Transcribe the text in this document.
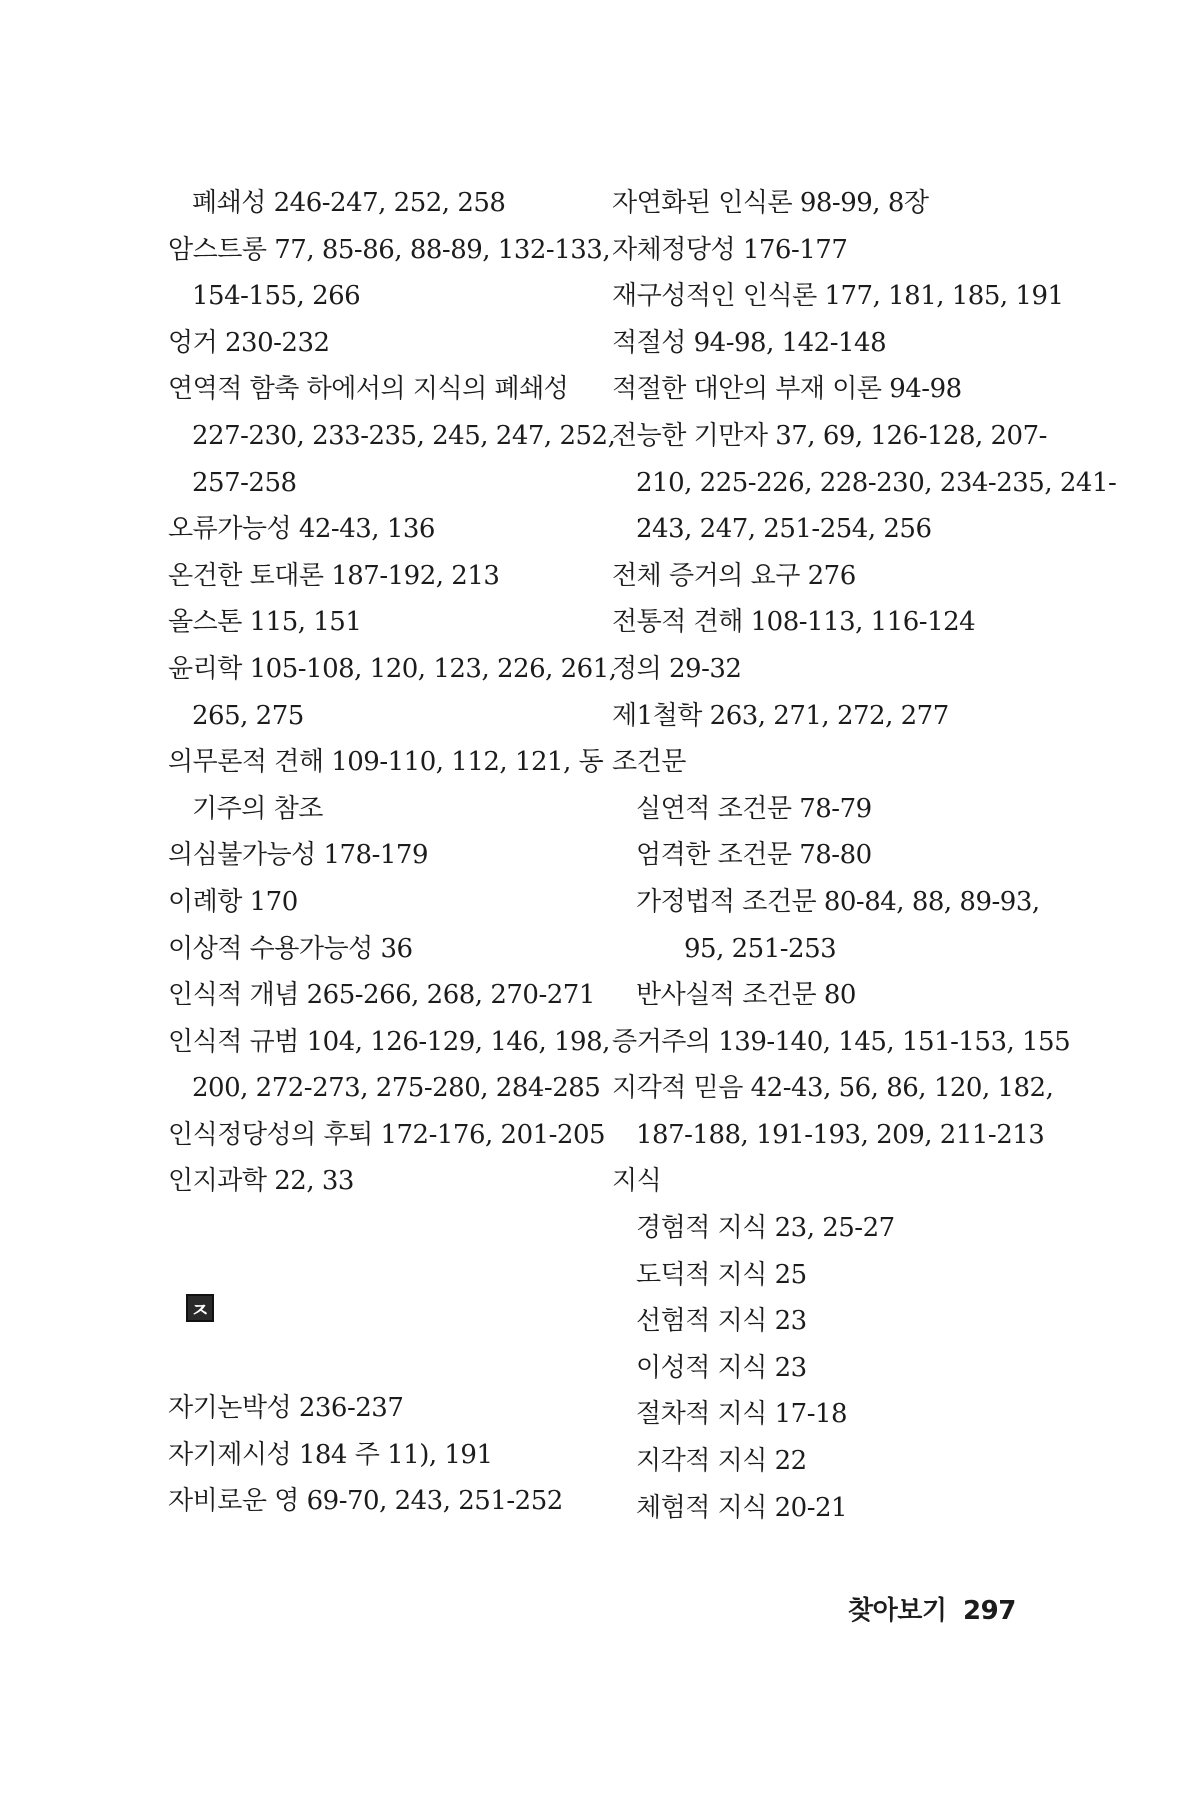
폐쇄성 246-247, 252, 258
암스트롱 77, 85-86, 88-89, 132-133,
154-155, 266
엉거 230-232
연역적 함축 하에서의 지식의 폐쇄성
227-230, 233-235, 245, 247, 252,
257-258
오류가능성 42-43, 136
온건한 토대론 187-192, 213
올스톤 115, 151
윤리학 105-108, 120, 123, 226, 261,
265, 275
의무론적 견해 109-110, 112, 121, 동
기주의 참조
의심불가능성 178-179
이례항 170
이상적 수용가능성 36
인식적 개념 265-266, 268, 270-271
인식적 규범 104, 126-129, 146, 198,
200, 272-273, 275-280, 284-285
인식정당성의 후퇴 172-176, 201-205
인지과학 22, 33
자기논박성 236-237
자기제시성 184 주 11), 191
자비로운 영 69-70, 243, 251-252
ㅈ
자연화된 인식론 98-99, 8장
자체정당성 176-177
재구성적인 인식론 177, 181, 185, 191
적절성 94-98, 142-148
적절한 대안의 부재 이론 94-98
전능한 기만자 37, 69, 126-128, 207-
210, 225-226, 228-230, 234-235, 241-
243, 247, 251-254, 256
전체 증거의 요구 276
전통적 견해 108-113, 116-124
정의 29-32
제1철학 263, 271, 272, 277
조건문
실연적 조건문 78-79
엄격한 조건문 78-80
가정법적 조건문 80-84, 88, 89-93,
95, 251-253
반사실적 조건문 80
증거주의 139-140, 145, 151-153, 155
지각적 믿음 42-43, 56, 86, 120, 182,
187-188, 191-193, 209, 211-213
지식
경험적 지식 23, 25-27
도덕적 지식 25
선험적 지식 23
이성적 지식 23
절차적 지식 17-18
지각적 지식 22
체험적 지식 20-21
찾아보기 297
